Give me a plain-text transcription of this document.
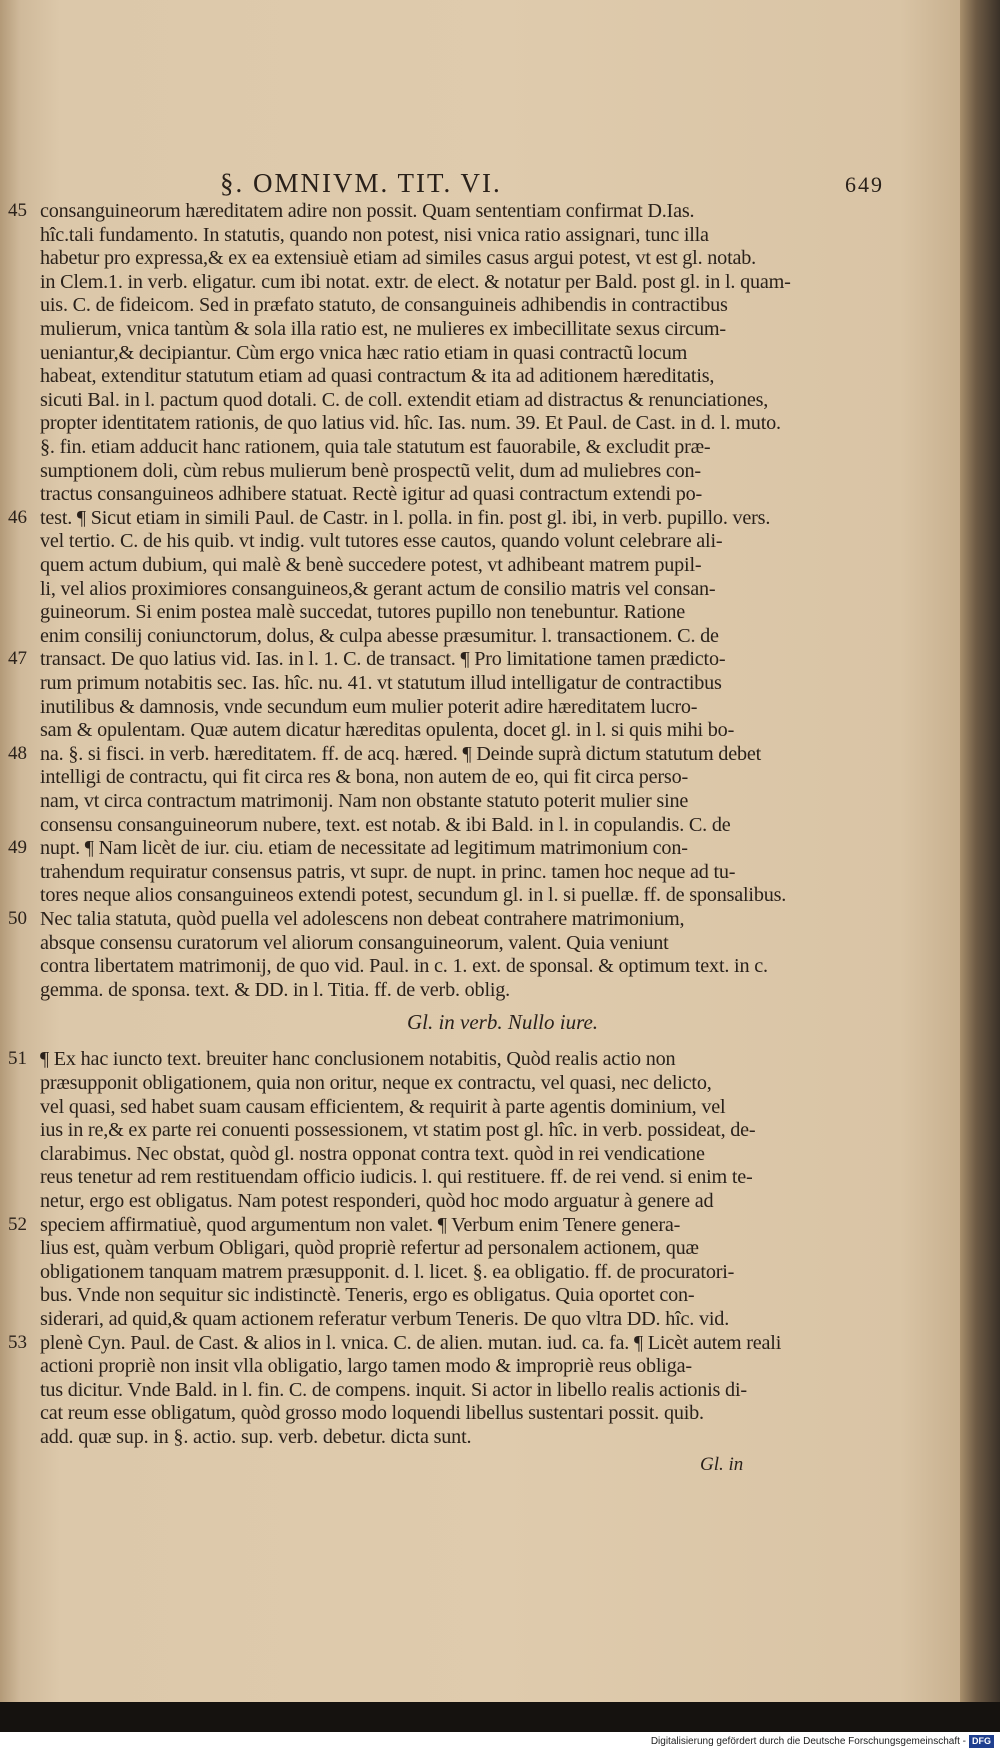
§. OMNIVM. TIT. VI.	649
45 consanguineorum hæreditatem adire non possit. Quam sententiam confirmat D.Ias.
hîc.tali fundamento. In statutis, quando non potest, nisi vnica ratio assignari, tunc illa
habetur pro expressa,& ex ea extensiuè etiam ad similes casus argui potest, vt est gl. notab.
in Clem.1. in verb. eligatur. cum ibi notat. extr. de elect. & notatur per Bald. post gl. in l. quam-
uis. C. de fideicom. Sed in præfato statuto, de consanguineis adhibendis in contractibus
mulierum, vnica tantùm & sola illa ratio est, ne mulieres ex imbecillitate sexus circum-
ueniantur,& decipiantur. Cùm ergo vnica hæc ratio etiam in quasi contractũ locum
habeat, extenditur statutum etiam ad quasi contractum & ita ad aditionem hæreditatis,
sicuti Bal. in l. pactum quod dotali. C. de coll. extendit etiam ad distractus & renunciationes,
propter identitatem rationis, de quo latius vid. hîc. Ias. num. 39. Et Paul. de Cast. in d. l. muto.
§. fin. etiam adducit hanc rationem, quia tale statutum est fauorabile, & excludit præ-
sumptionem doli, cùm rebus mulierum benè prospectũ velit, dum ad muliebres con-
tractus consanguineos adhibere statuat. Rectè igitur ad quasi contractum extendi po-
46 test. ¶ Sicut etiam in simili Paul. de Castr. in l. polla. in fin. post gl. ibi, in verb. pupillo. vers.
vel tertio. C. de his quib. vt indig. vult tutores esse cautos, quando volunt celebrare ali-
quem actum dubium, qui malè & benè succedere potest, vt adhibeant matrem pupil-
li, vel alios proximiores consanguineos,& gerant actum de consilio matris vel consan-
guineorum. Si enim postea malè succedat, tutores pupillo non tenebuntur. Ratione
enim consilij coniunctorum, dolus, & culpa abesse præsumitur. l. transactionem. C. de
47 transact. De quo latius vid. Ias. in l. 1. C. de transact. ¶ Pro limitatione tamen prædicto-
rum primum notabitis sec. Ias. hîc. nu. 41. vt statutum illud intelligatur de contractibus
inutilibus & damnosis, vnde secundum eum mulier poterit adire hæreditatem lucro-
sam & opulentam. Quæ autem dicatur hæreditas opulenta, docet gl. in l. si quis mihi bo-
48 na. §. si fisci. in verb. hæreditatem. ff. de acq. hæred. ¶ Deinde suprà dictum statutum debet
intelligi de contractu, qui fit circa res & bona, non autem de eo, qui fit circa perso-
nam, vt circa contractum matrimonij. Nam non obstante statuto poterit mulier sine
consensu consanguineorum nubere, text. est notab. & ibi Bald. in l. in copulandis. C. de
49 nupt. ¶ Nam licèt de iur. ciu. etiam de necessitate ad legitimum matrimonium con-
trahendum requiratur consensus patris, vt supr. de nupt. in princ. tamen hoc neque ad tu-
tores neque alios consanguineos extendi potest, secundum gl. in l. si puellæ. ff. de sponsalibus.
50 Nec talia statuta, quòd puella vel adolescens non debeat contrahere matrimonium,
absque consensu curatorum vel aliorum consanguineorum, valent. Quia veniunt
contra libertatem matrimonij, de quo vid. Paul. in c. 1. ext. de sponsal. & optimum text. in c.
gemma. de sponsa. text. & DD. in l. Titia. ff. de verb. oblig.
51 ¶ Ex hac iuncto text. breuiter hanc conclusionem notabitis, Quòd realis actio non
præsupponit obligationem, quia non oritur, neque ex contractu, vel quasi, nec delicto,
vel quasi, sed habet suam causam efficientem, & requirit à parte agentis dominium, vel
ius in re,& ex parte rei conuenti possessionem, vt statim post gl. hîc. in verb. possideat, de-
clarabimus. Nec obstat, quòd gl. nostra opponat contra text. quòd in rei vendicatione
reus tenetur ad rem restituendam officio iudicis. l. qui restituere. ff. de rei vend. si enim te-
netur, ergo est obligatus. Nam potest responderi, quòd hoc modo arguatur à genere ad
52 speciem affirmatiuè, quod argumentum non valet. ¶ Verbum enim Tenere genera-
lius est, quàm verbum Obligari, quòd propriè refertur ad personalem actionem, quæ
obligationem tanquam matrem præsupponit. d. l. licet. §. ea obligatio. ff. de procuratori-
bus. Vnde non sequitur sic indistinctè. Teneris, ergo es obligatus. Quia oportet con-
siderari, ad quid,& quam actionem referatur verbum Teneris. De quo vltra DD. hîc. vid.
53 plenè Cyn. Paul. de Cast. & alios in l. vnica. C. de alien. mutan. iud. ca. fa. ¶ Licèt autem reali
actioni propriè non insit vlla obligatio, largo tamen modo & impropriè reus obliga-
tus dicitur. Vnde Bald. in l. fin. C. de compens. inquit. Si actor in libello realis actionis di-
cat reum esse obligatum, quòd grosso modo loquendi libellus sustentari possit. quib.
add. quæ sup. in §. actio. sup. verb. debetur. dicta sunt.
Gl. in verb. Nullo iure.
Gl. in
Digitalisierung gefördert durch die Deutsche Forschungsgemeinschaft - DFG
